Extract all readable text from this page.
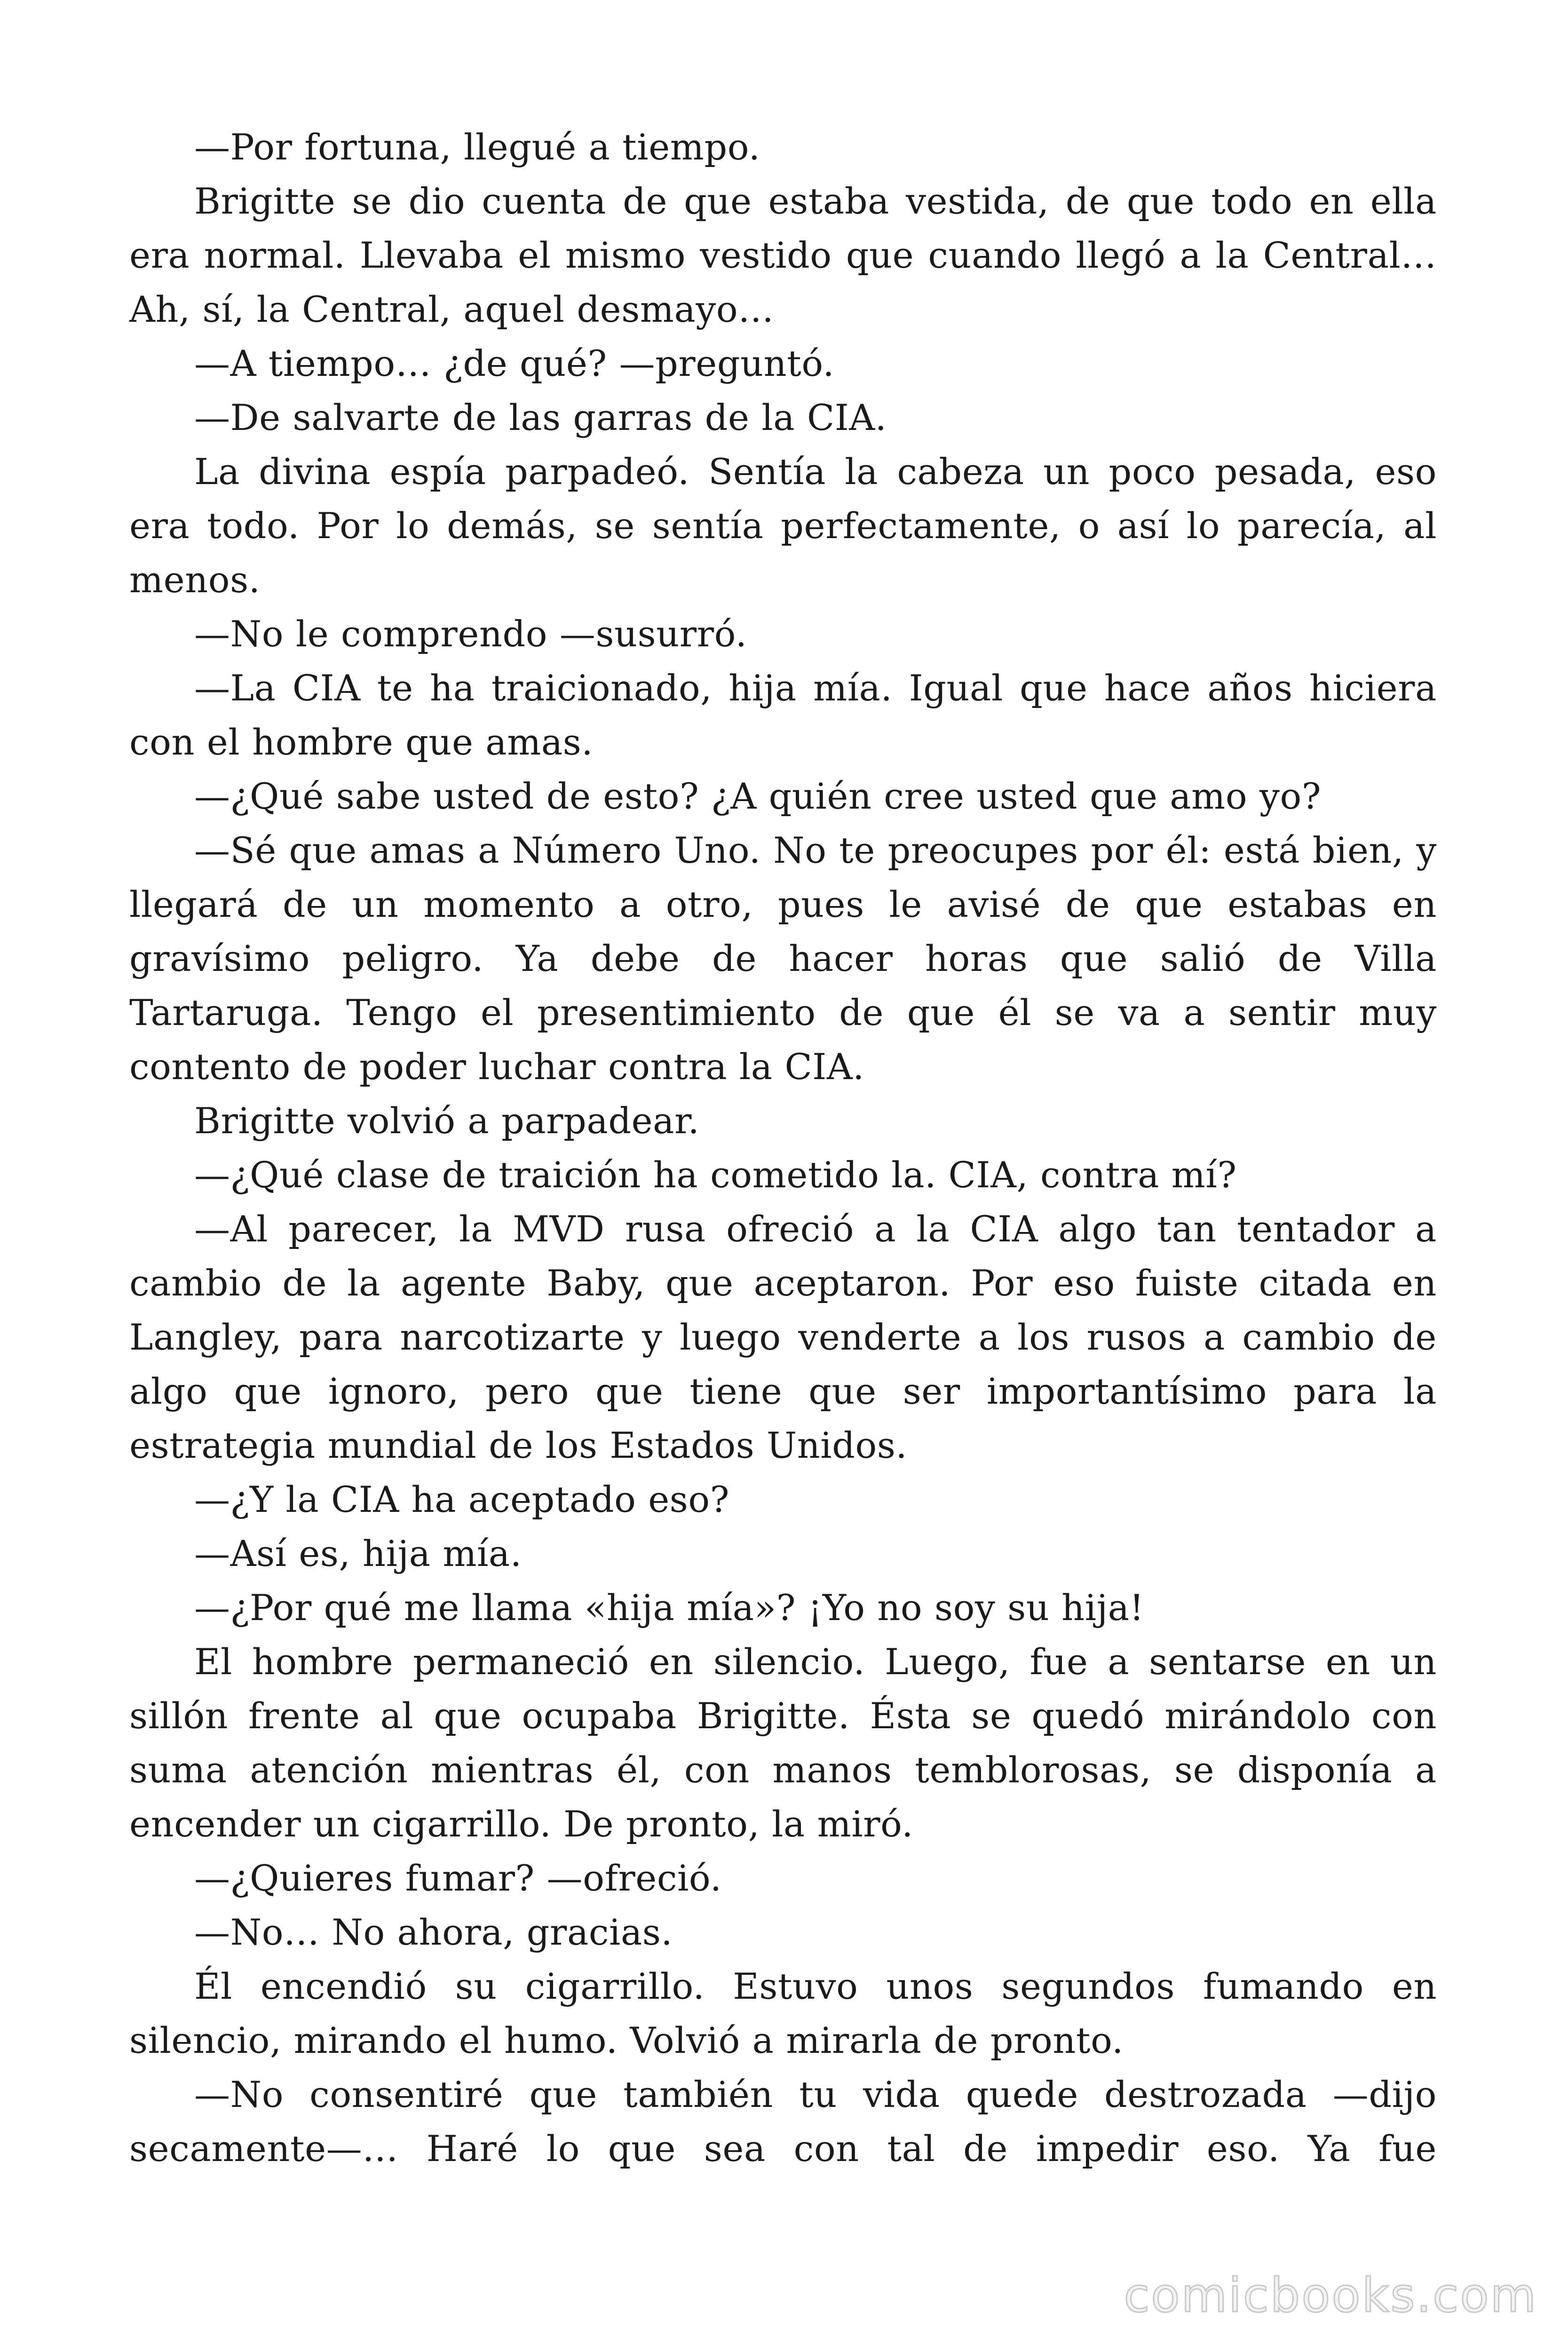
—Por fortuna, llegué a tiempo.

Brigitte se dio cuenta de que estaba vestida, de que todo en ella era normal. Llevaba el mismo vestido que cuando llegó a la Central… Ah, sí, la Central, aquel desmayo…

—A tiempo… ¿de qué? —preguntó.

—De salvarte de las garras de la CIA.

La divina espía parpadeó. Sentía la cabeza un poco pesada, eso era todo. Por lo demás, se sentía perfectamente, o así lo parecía, al menos.

—No le comprendo —susurró.

—La CIA te ha traicionado, hija mía. Igual que hace años hiciera con el hombre que amas.

—¿Qué sabe usted de esto? ¿A quién cree usted que amo yo?

—Sé que amas a Número Uno. No te preocupes por él: está bien, y llegará de un momento a otro, pues le avisé de que estabas en gravísimo peligro. Ya debe de hacer horas que salió de Villa Tartaruga. Tengo el presentimiento de que él se va a sentir muy contento de poder luchar contra la CIA.

Brigitte volvió a parpadear.

—¿Qué clase de traición ha cometido la. CIA, contra mí?

—Al parecer, la MVD rusa ofreció a la CIA algo tan tentador a cambio de la agente Baby, que aceptaron. Por eso fuiste citada en Langley, para narcotizarte y luego venderte a los rusos a cambio de algo que ignoro, pero que tiene que ser importantísimo para la estrategia mundial de los Estados Unidos.

—¿Y la CIA ha aceptado eso?

—Así es, hija mía.

—¿Por qué me llama «hija mía»? ¡Yo no soy su hija!

El hombre permaneció en silencio. Luego, fue a sentarse en un sillón frente al que ocupaba Brigitte. Ésta se quedó mirándolo con suma atención mientras él, con manos temblorosas, se disponía a encender un cigarrillo. De pronto, la miró.

—¿Quieres fumar? —ofreció.

—No… No ahora, gracias.

Él encendió su cigarrillo. Estuvo unos segundos fumando en silencio, mirando el humo. Volvió a mirarla de pronto.

—No consentiré que también tu vida quede destrozada —dijo secamente—… Haré lo que sea con tal de impedir eso. Ya fue

comicbooks.com
